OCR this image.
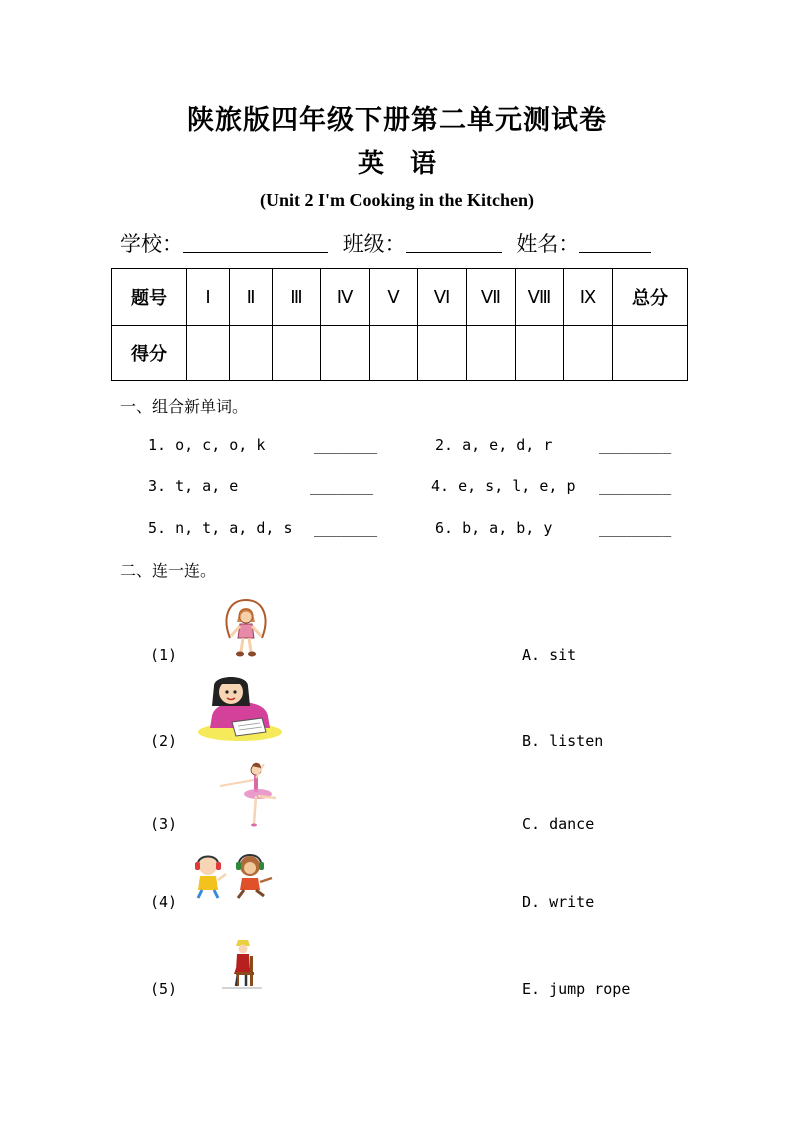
陕旅版四年级下册第二单元测试卷
英　语
(Unit 2 I'm Cooking in the Kitchen)
学校：	班级：	姓名：
题号	Ⅰ	Ⅱ	Ⅲ	Ⅳ	Ⅴ	Ⅵ	Ⅶ	Ⅷ	Ⅸ	总分
得分										
一、组合新单词。
1. o, c, o, k	_______	2. a, e, d, r	________
3. t, a, e	_______	4. e, s, l, e, p ________
5. n, t, a, d, s _______	6. b, a, b, y	________
二、连一连。
(1)
(2)
(3)
(4)
(5)
A. sit
B. listen
C. dance
D. write
E. jump rope
